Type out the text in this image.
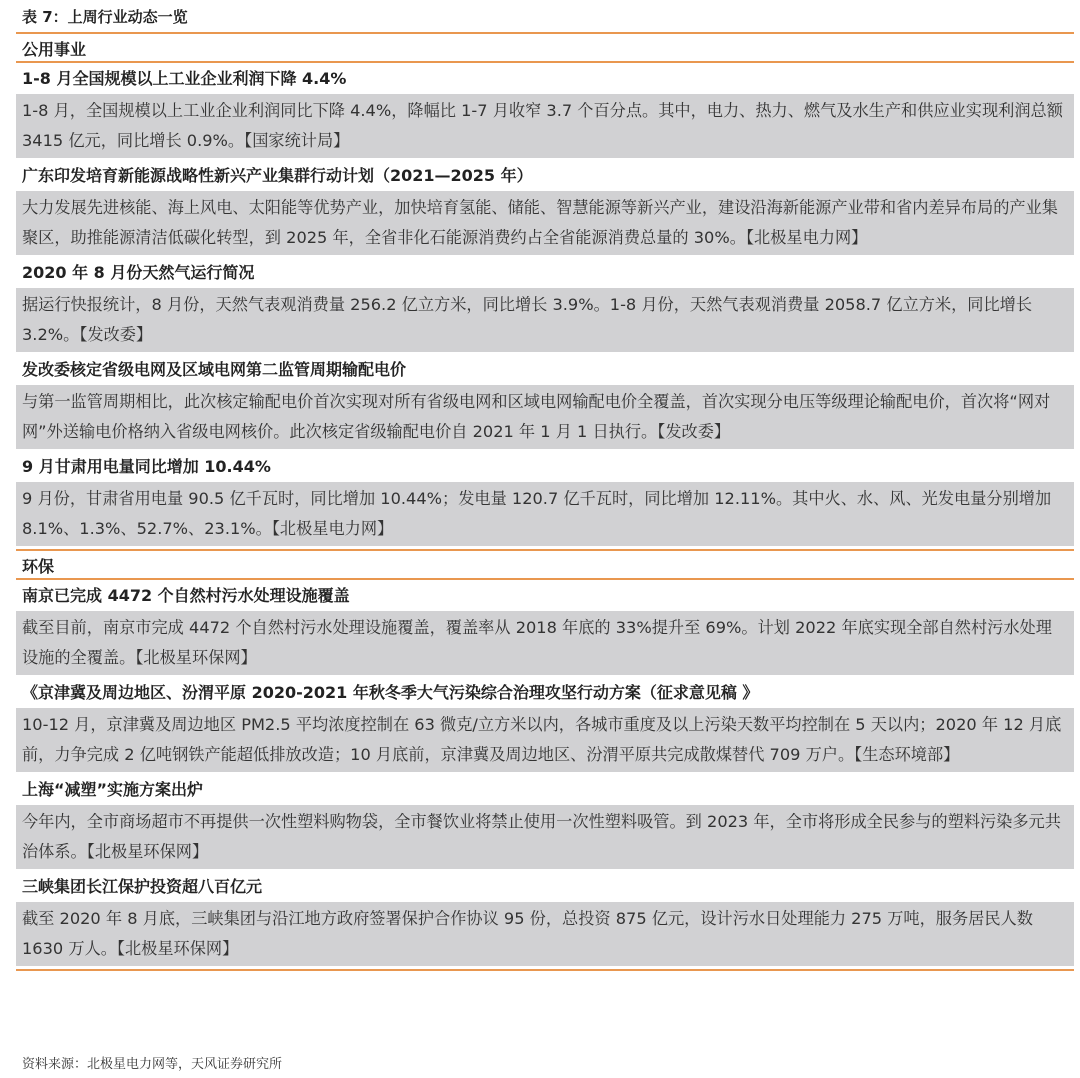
表 7：上周行业动态一览
公用事业
1-8 月全国规模以上工业企业利润下降 4.4%
1-8 月，全国规模以上工业企业利润同比下降 4.4%，降幅比 1-7 月收窄 3.7 个百分点。其中，电力、热力、燃气及水生产和供应业实现利润总额 3415 亿元，同比增长 0.9%。【国家统计局】
广东印发培育新能源战略性新兴产业集群行动计划（2021—2025 年）
大力发展先进核能、海上风电、太阳能等优势产业，加快培育氢能、储能、智慧能源等新兴产业，建设沿海新能源产业带和省内差异布局的产业集聚区，助推能源清洁低碳化转型，到 2025 年，全省非化石能源消费约占全省能源消费总量的 30%。【北极星电力网】
2020 年 8 月份天然气运行简况
据运行快报统计，8 月份，天然气表观消费量 256.2 亿立方米，同比增长 3.9%。1-8 月份，天然气表观消费量 2058.7 亿立方米，同比增长 3.2%。【发改委】
发改委核定省级电网及区域电网第二监管周期输配电价
与第一监管周期相比，此次核定输配电价首次实现对所有省级电网和区域电网输配电价全覆盖，首次实现分电压等级理论输配电价，首次将“网对网”外送输电价格纳入省级电网核价。此次核定省级输配电价自 2021 年 1 月 1 日执行。【发改委】
9 月甘肃用电量同比增加 10.44%
9 月份，甘肃省用电量 90.5 亿千瓦时，同比增加 10.44%；发电量 120.7 亿千瓦时，同比增加 12.11%。其中火、水、风、光发电量分别增加 8.1%、1.3%、52.7%、23.1%。【北极星电力网】
环保
南京已完成 4472 个自然村污水处理设施覆盖
截至目前，南京市完成 4472 个自然村污水处理设施覆盖，覆盖率从 2018 年底的 33%提升至 69%。计划 2022 年底实现全部自然村污水处理设施的全覆盖。【北极星环保网】
《京津冀及周边地区、汾渭平原 2020-2021 年秋冬季大气污染综合治理攻坚行动方案（征求意见稿 》
10-12 月，京津冀及周边地区 PM2.5 平均浓度控制在 63 微克/立方米以内，各城市重度及以上污染天数平均控制在 5 天以内；2020 年 12 月底前，力争完成 2 亿吨钢铁产能超低排放改造；10 月底前，京津冀及周边地区、汾渭平原共完成散煤替代 709 万户。【生态环境部】
上海“减塑”实施方案出炉
今年内，全市商场超市不再提供一次性塑料购物袋，全市餐饮业将禁止使用一次性塑料吸管。到 2023 年，全市将形成全民参与的塑料污染多元共治体系。【北极星环保网】
三峡集团长江保护投资超八百亿元
截至 2020 年 8 月底，三峡集团与沿江地方政府签署保护合作协议 95 份，总投资 875 亿元，设计污水日处理能力 275 万吨，服务居民人数 1630 万人。【北极星环保网】
资料来源：北极星电力网等，天风证券研究所
